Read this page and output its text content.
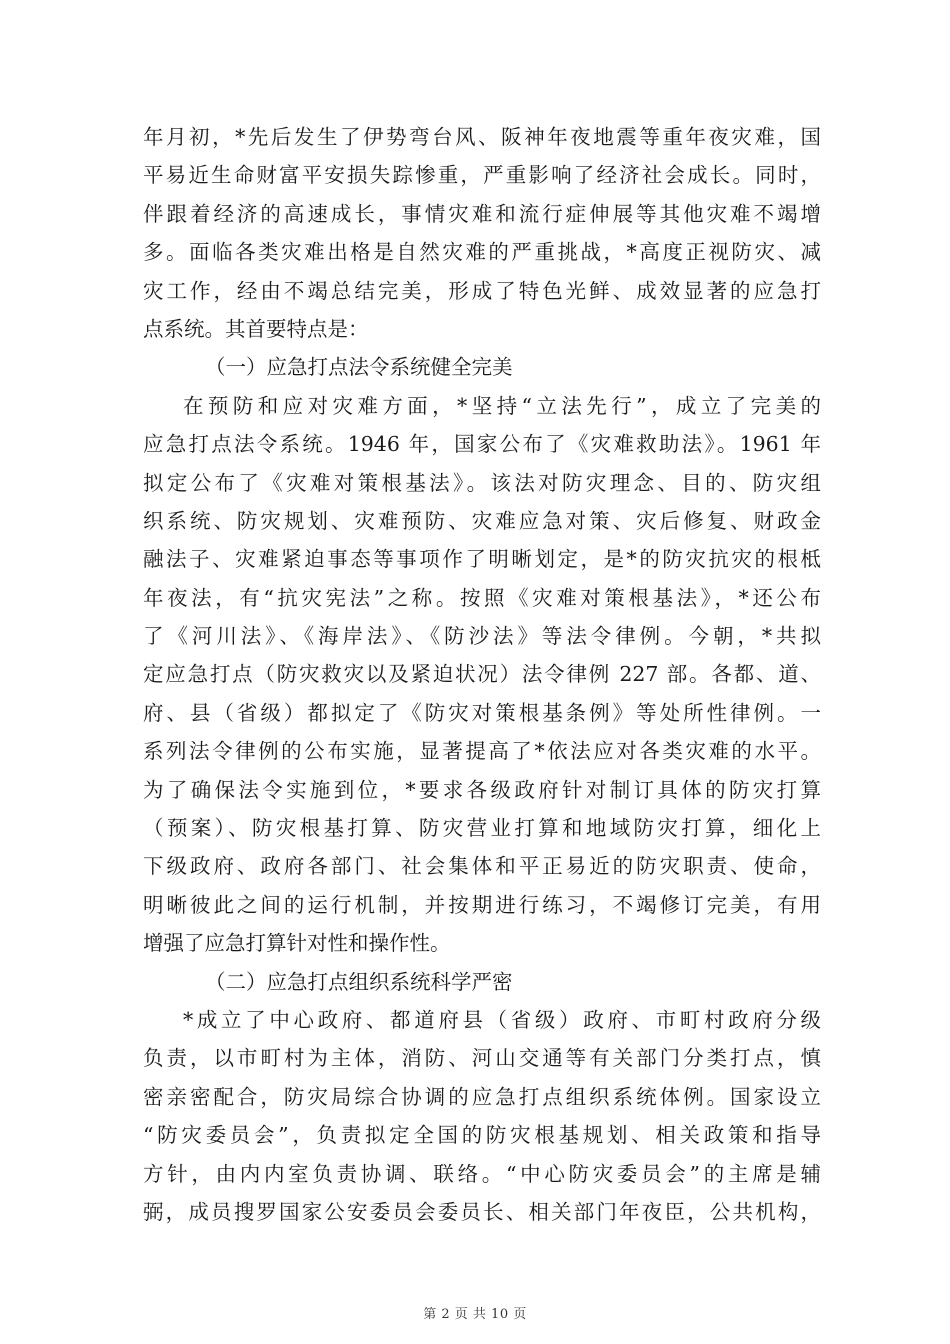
年月初，*先后发生了伊势弯台风、阪神年夜地震等重年夜灾难，国
平易近生命财富平安损失踪惨重，严重影响了经济社会成长。同时，
伴跟着经济的高速成长，事情灾难和流行症伸展等其他灾难不竭增
多。面临各类灾难出格是自然灾难的严重挑战，*高度正视防灾、减
灾工作，经由不竭总结完美，形成了特色光鲜、成效显著的应急打
点系统。其首要特点是：
（一）应急打点法令系统健全完美
在预防和应对灾难方面，*坚持“立法先行”，成立了完美的
应急打点法令系统。1946 年，国家公布了《灾难救助法》。1961 年
拟定公布了《灾难对策根基法》。该法对防灾理念、目的、防灾组
织系统、防灾规划、灾难预防、灾难应急对策、灾后修复、财政金
融法子、灾难紧迫事态等事项作了明晰划定，是*的防灾抗灾的根柢
年夜法，有“抗灾宪法”之称。按照《灾难对策根基法》，*还公布
了《河川法》、《海岸法》、《防沙法》等法令律例。今朝，*共拟
定应急打点（防灾救灾以及紧迫状况）法令律例 227 部。各都、道、
府、县（省级）都拟定了《防灾对策根基条例》等处所性律例。一
系列法令律例的公布实施，显著提高了*依法应对各类灾难的水平。
为了确保法令实施到位，*要求各级政府针对制订具体的防灾打算
（预案）、防灾根基打算、防灾营业打算和地域防灾打算，细化上
下级政府、政府各部门、社会集体和平正易近的防灾职责、使命，
明晰彼此之间的运行机制，并按期进行练习，不竭修订完美，有用
增强了应急打算针对性和操作性。
（二）应急打点组织系统科学严密
*成立了中心政府、都道府县（省级）政府、市町村政府分级
负责，以市町村为主体，消防、河山交通等有关部门分类打点，慎
密亲密配合，防灾局综合协调的应急打点组织系统体例。国家设立
“防灾委员会”，负责拟定全国的防灾根基规划、相关政策和指导
方针，由内内室负责协调、联络。“中心防灾委员会”的主席是辅
弼，成员搜罗国家公安委员会委员长、相关部门年夜臣，公共机构，
第 2 页 共 10 页
